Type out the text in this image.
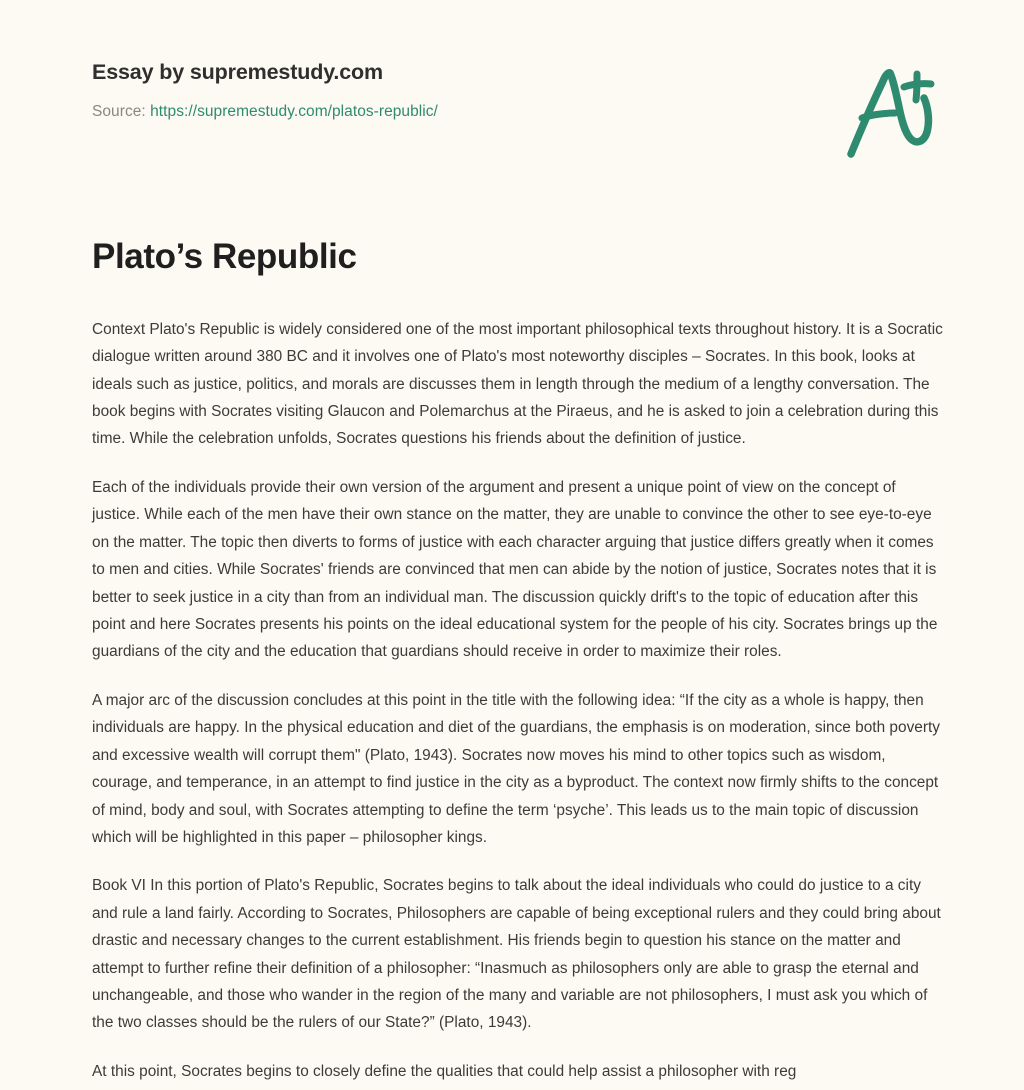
Essay by supremestudy.com
Source: https://supremestudy.com/platos-republic/
Plato’s Republic

Context Plato's Republic is widely considered one of the most important philosophical texts throughout history. It is a Socratic dialogue written around 380 BC and it involves one of Plato's most noteworthy disciples – Socrates. In this book, looks at ideals such as justice, politics, and morals are discusses them in length through the medium of a lengthy conversation. The book begins with Socrates visiting Glaucon and Polemarchus at the Piraeus, and he is asked to join a celebration during this time. While the celebration unfolds, Socrates questions his friends about the definition of justice.

Each of the individuals provide their own version of the argument and present a unique point of view on the concept of justice. While each of the men have their own stance on the matter, they are unable to convince the other to see eye-to-eye on the matter. The topic then diverts to forms of justice with each character arguing that justice differs greatly when it comes to men and cities. While Socrates' friends are convinced that men can abide by the notion of justice, Socrates notes that it is better to seek justice in a city than from an individual man. The discussion quickly drift's to the topic of education after this point and here Socrates presents his points on the ideal educational system for the people of his city. Socrates brings up the guardians of the city and the education that guardians should receive in order to maximize their roles.

A major arc of the discussion concludes at this point in the title with the following idea: “If the city as a whole is happy, then individuals are happy. In the physical education and diet of the guardians, the emphasis is on moderation, since both poverty and excessive wealth will corrupt them" (Plato, 1943). Socrates now moves his mind to other topics such as wisdom, courage, and temperance, in an attempt to find justice in the city as a byproduct. The context now firmly shifts to the concept of mind, body and soul, with Socrates attempting to define the term ‘psyche’. This leads us to the main topic of discussion which will be highlighted in this paper – philosopher kings.

Book VI In this portion of Plato's Republic, Socrates begins to talk about the ideal individuals who could do justice to a city and rule a land fairly. According to Socrates, Philosophers are capable of being exceptional rulers and they could bring about drastic and necessary changes to the current establishment. His friends begin to question his stance on the matter and attempt to further refine their definition of a philosopher: “Inasmuch as philosophers only are able to grasp the eternal and unchangeable, and those who wander in the region of the many and variable are not philosophers, I must ask you which of the two classes should be the rulers of our State?” (Plato, 1943).

At this point, Socrates begins to closely define the qualities that could help assist a philosopher with reg
